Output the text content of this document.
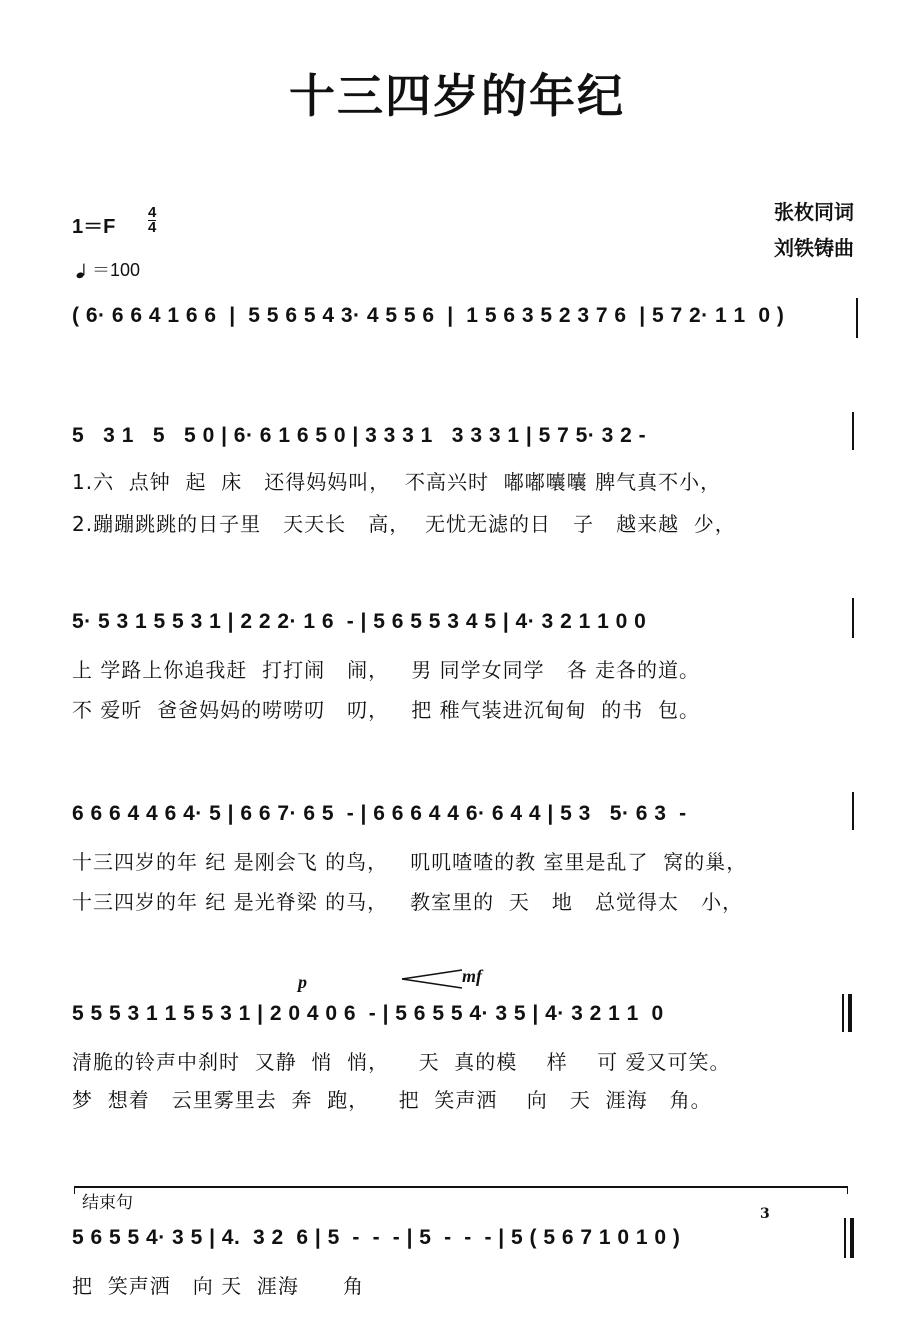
十三四岁的年纪
张枚同词
刘铁铸曲
$1=F \frac{4}{4}$
＝100
( 6· 6 6 4 1 6 6  |  5 5 6 5 4 3· 4 5 5 6  |  1 5 6 3 5 2 3 7 6  | 5 7 2· 1 1  0 )
5   3 1   5   5 0 | 6· 6 1 6 5 0 | 3 3 3 1   3 3 3 1 | 5 7 5· 3 2 -
1.六  点钟  起  床   还得妈妈叫，  不高兴时  嘟嘟囔囔 脾气真不小，
2.蹦蹦跳跳的日子里   天天长   高，  无忧无滤的日   子   越来越  少，
5· 5 3 1 5 5 3 1 | 2 2 2· 1 6  - | 5 6 5 5 3 4 5 | 4· 3 2 1 1 0 0
上 学路上你追我赶  打打闹   闹，   男 同学女同学   各 走各的道。
不 爱听  爸爸妈妈的唠唠叨   叨，   把 稚气装进沉甸甸  的书  包。
6 6 6 4 4 6 4· 5 | 6 6 7· 6 5  - | 6 6 6 4 4 6· 6 4 4 | 5 3   5· 6 3  -
十三四岁的年 纪 是刚会飞 的鸟，   叽叽喳喳的教 室里是乱了  窝的巢，
十三四岁的年 纪 是光脊梁 的马，   教室里的  天   地   总觉得太   小，
p	mf
5 5 5 3 1 1 5 5 3 1 | 2 0 4 0 6  - | 5 6 5 5 4· 3 5 | 4· 3 2 1 1  0
清脆的铃声中刹时  又静  悄  悄，    天  真的模    样    可 爱又可笑。
梦  想着   云里雾里去  奔  跑，    把  笑声洒    向   天  涯海   角。
结束句
3
5 6 5 5 4· 3 5 | 4.  3 2  6 | 5  -  -  - | 5  -  -  - | 5 ( 5 6 7 1 0 1 0 )
把  笑声洒   向 天  涯海      角
